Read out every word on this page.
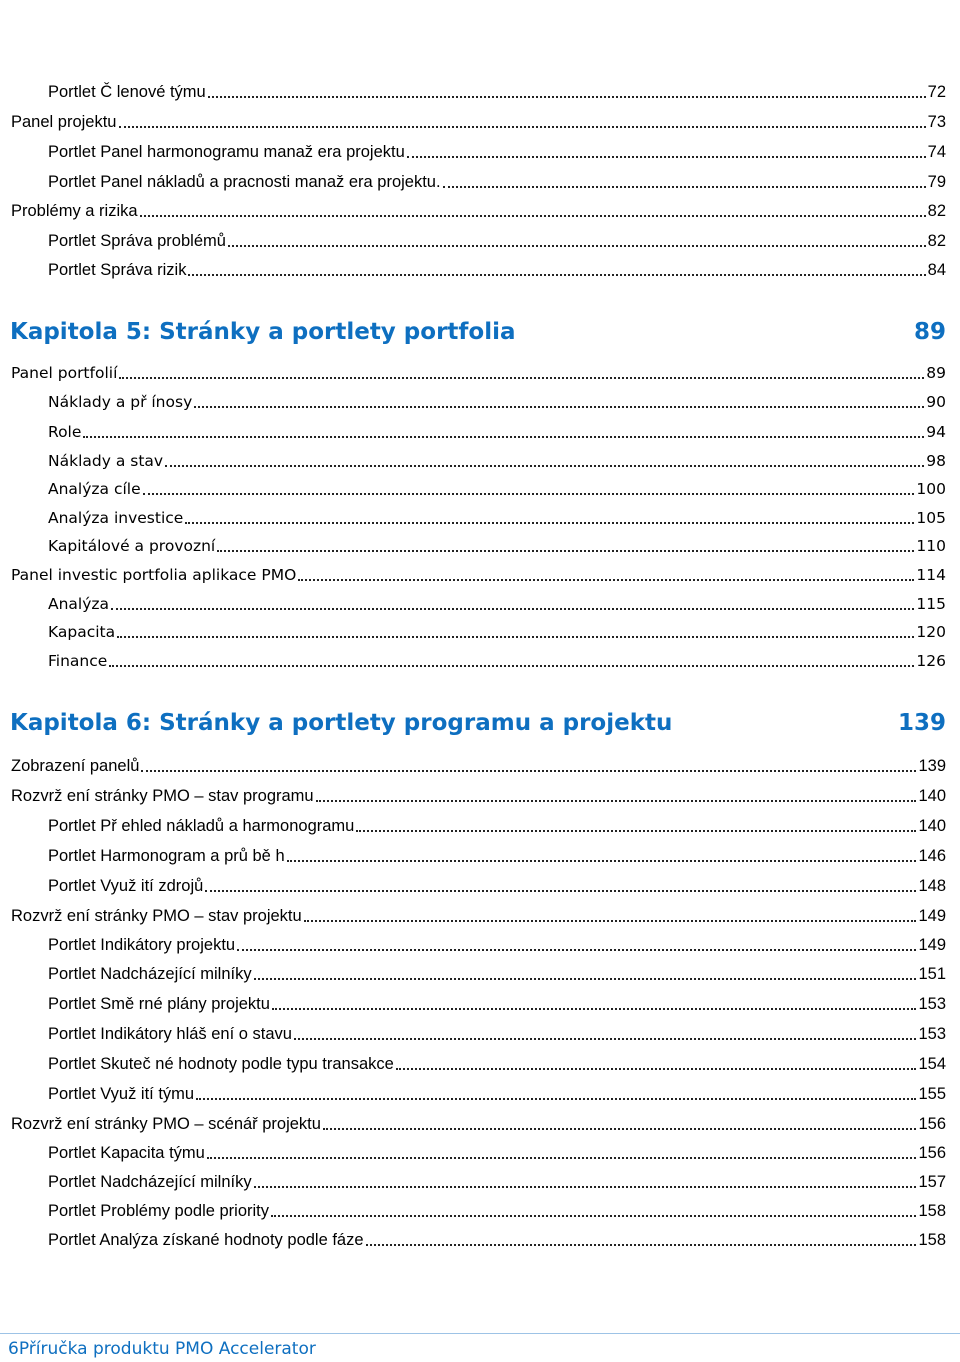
Portlet Č lenové týmu	72
Panel projektu	73
Portlet Panel harmonogramu manaž era projektu	74
Portlet Panel nákladů a pracnosti manaž era projektu.	79
Problémy a rizika	82
Portlet Správa problémů	82
Portlet Správa rizik	84
Kapitola 5: Stránky a portlety portfolia	89
Panel portfolií	89
Náklady a př ínosy	90
Role	94
Náklady a stav	98
Analýza cíle	100
Analýza investice	105
Kapitálové a provozní	110
Panel investic portfolia aplikace PMO	114
Analýza	115
Kapacita	120
Finance	126
Kapitola 6: Stránky a portlety programu a projektu	139
Zobrazení panelů	139
Rozvrž ení stránky PMO – stav programu	140
Portlet Př ehled nákladů a harmonogramu	140
Portlet Harmonogram a prů bě h	146
Portlet Využ ití zdrojů	148
Rozvrž ení stránky PMO – stav projektu	149
Portlet Indikátory projektu	149
Portlet Nadcházející milníky	151
Portlet Smě rné plány projektu	153
Portlet Indikátory hláš ení o stavu	153
Portlet Skuteč né hodnoty podle typu transakce	154
Portlet Využ ití týmu	155
Rozvrž ení stránky PMO – scénář projektu	156
Portlet Kapacita týmu	156
Portlet Nadcházející milníky	157
Portlet Problémy podle priority	158
Portlet Analýza získané hodnoty podle fáze	158
6Příručka produktu PMO Accelerator
